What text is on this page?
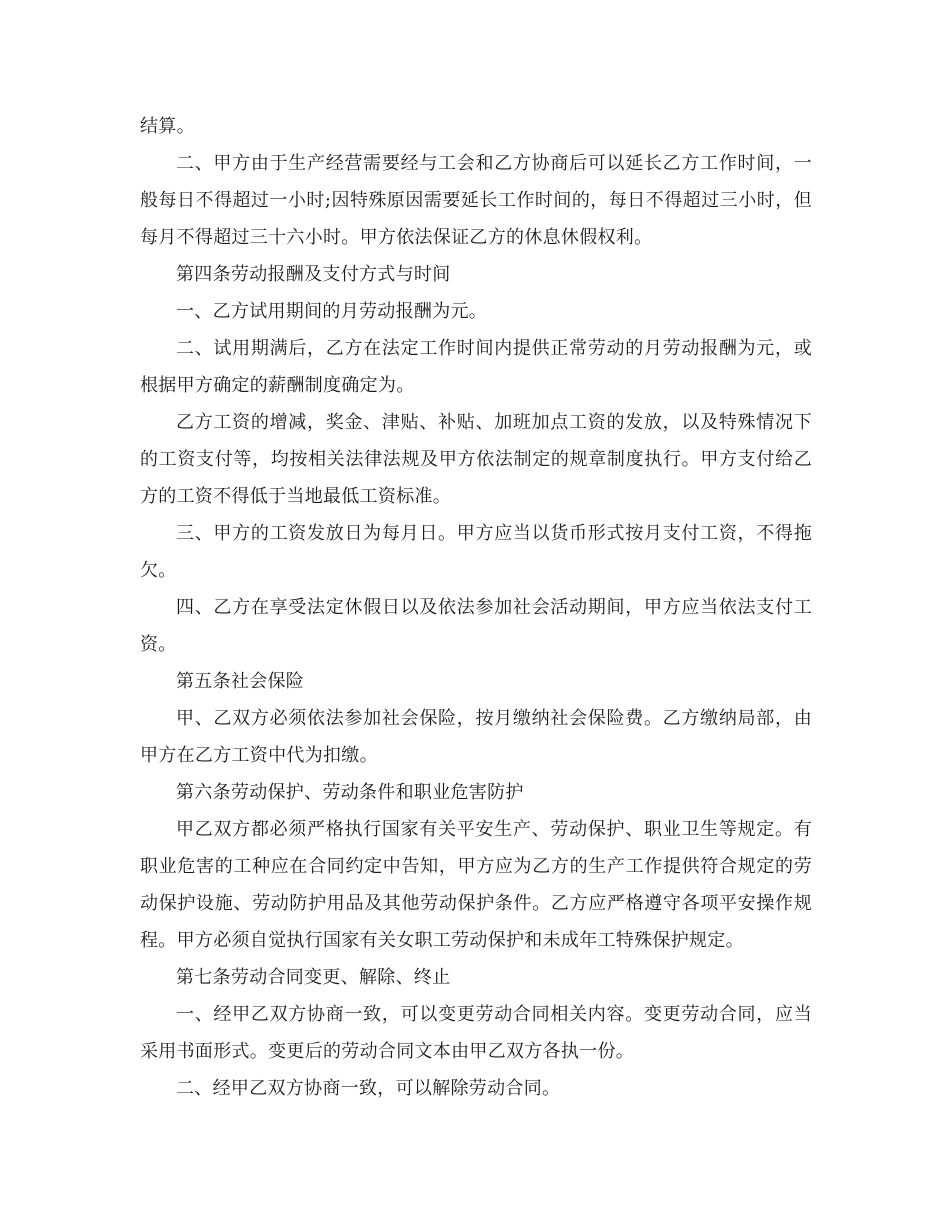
结算。

二、甲方由于生产经营需要经与工会和乙方协商后可以延长乙方工作时间，一般每日不得超过一小时;因特殊原因需要延长工作时间的，每日不得超过三小时，但每月不得超过三十六小时。甲方依法保证乙方的休息休假权利。

第四条劳动报酬及支付方式与时间

一、乙方试用期间的月劳动报酬为元。

二、试用期满后，乙方在法定工作时间内提供正常劳动的月劳动报酬为元，或根据甲方确定的薪酬制度确定为。

乙方工资的增减，奖金、津贴、补贴、加班加点工资的发放，以及特殊情况下的工资支付等，均按相关法律法规及甲方依法制定的规章制度执行。甲方支付给乙方的工资不得低于当地最低工资标准。

三、甲方的工资发放日为每月日。甲方应当以货币形式按月支付工资，不得拖欠。

四、乙方在享受法定休假日以及依法参加社会活动期间，甲方应当依法支付工资。

第五条社会保险

甲、乙双方必须依法参加社会保险，按月缴纳社会保险费。乙方缴纳局部，由甲方在乙方工资中代为扣缴。

第六条劳动保护、劳动条件和职业危害防护

甲乙双方都必须严格执行国家有关平安生产、劳动保护、职业卫生等规定。有职业危害的工种应在合同约定中告知，甲方应为乙方的生产工作提供符合规定的劳动保护设施、劳动防护用品及其他劳动保护条件。乙方应严格遵守各项平安操作规程。甲方必须自觉执行国家有关女职工劳动保护和未成年工特殊保护规定。

第七条劳动合同变更、解除、终止

一、经甲乙双方协商一致，可以变更劳动合同相关内容。变更劳动合同，应当采用书面形式。变更后的劳动合同文本由甲乙双方各执一份。

二、经甲乙双方协商一致，可以解除劳动合同。
